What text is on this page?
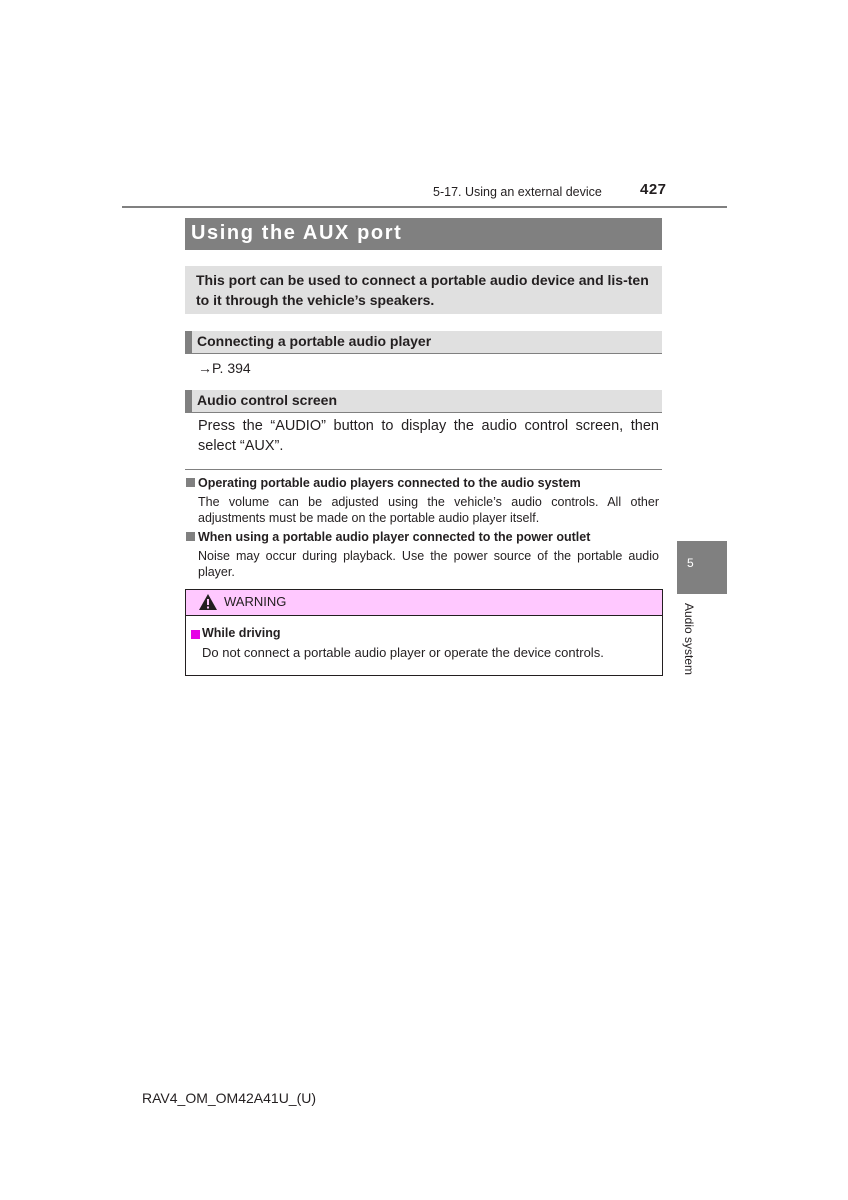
5-17. Using an external device	427
Using the AUX port
This port can be used to connect a portable audio device and lis-ten to it through the vehicle’s speakers.
Connecting a portable audio player
→P. 394
Audio control screen
Press the “AUDIO” button to display the audio control screen, then select “AUX”.
Operating portable audio players connected to the audio system
The volume can be adjusted using the vehicle’s audio controls. All other adjustments must be made on the portable audio player itself.
When using a portable audio player connected to the power outlet
Noise may occur during playback. Use the power source of the portable audio player.
WARNING
While driving
Do not connect a portable audio player or operate the device controls.
5
Audio system
RAV4_OM_OM42A41U_(U)
